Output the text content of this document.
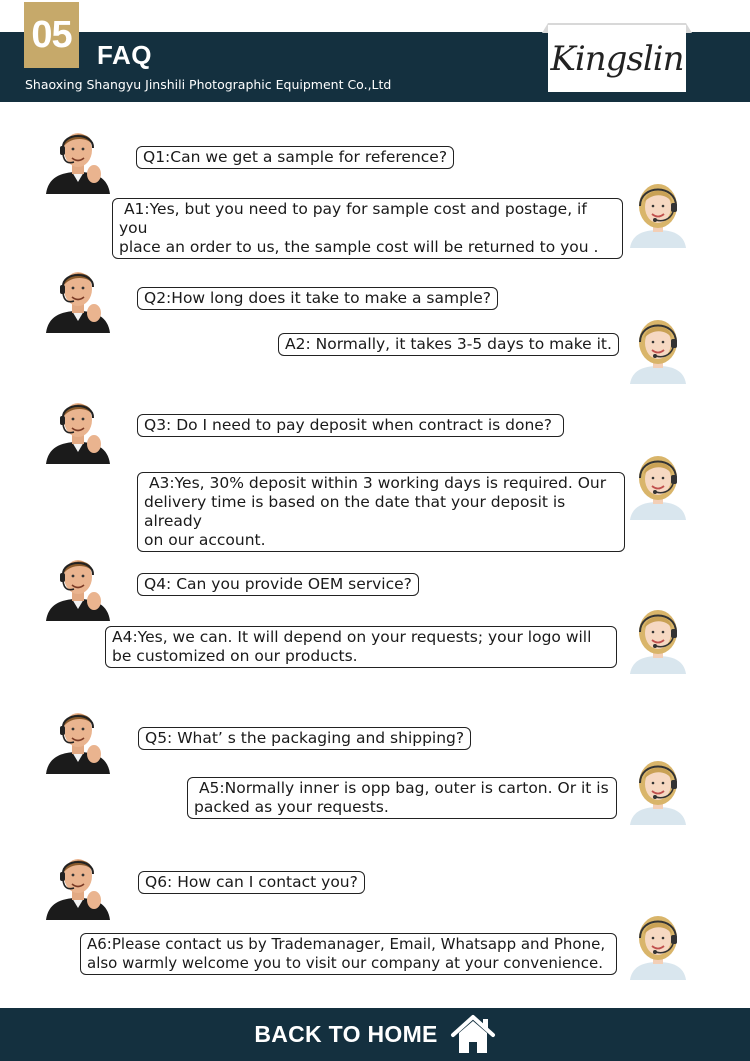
05 FAQ
Shaoxing Shangyu Jinshili Photographic Equipment Co.,Ltd
Kingslin
Q1:Can we get a sample for reference?
A1:Yes, but you need to pay for sample cost and postage, if you
place an order to us, the sample cost will be returned to you .
Q2:How long does it take to make a sample?
A2: Normally, it takes 3-5 days to make it.
Q3: Do I need to pay deposit when contract is done?
A3:Yes, 30% deposit within 3 working days is required. Our
delivery time is based on the date that your deposit is already
on our account.
Q4: Can you provide OEM service?
A4:Yes, we can. It will depend on your requests; your logo will
be customized on our products.
Q5: What’ s the packaging and shipping?
A5:Normally inner is opp bag, outer is carton. Or it is
packed as your requests.
Q6: How can I contact you?
A6:Please contact us by Trademanager, Email, Whatsapp and Phone,
also warmly welcome you to visit our company at your convenience.
BACK TO HOME
